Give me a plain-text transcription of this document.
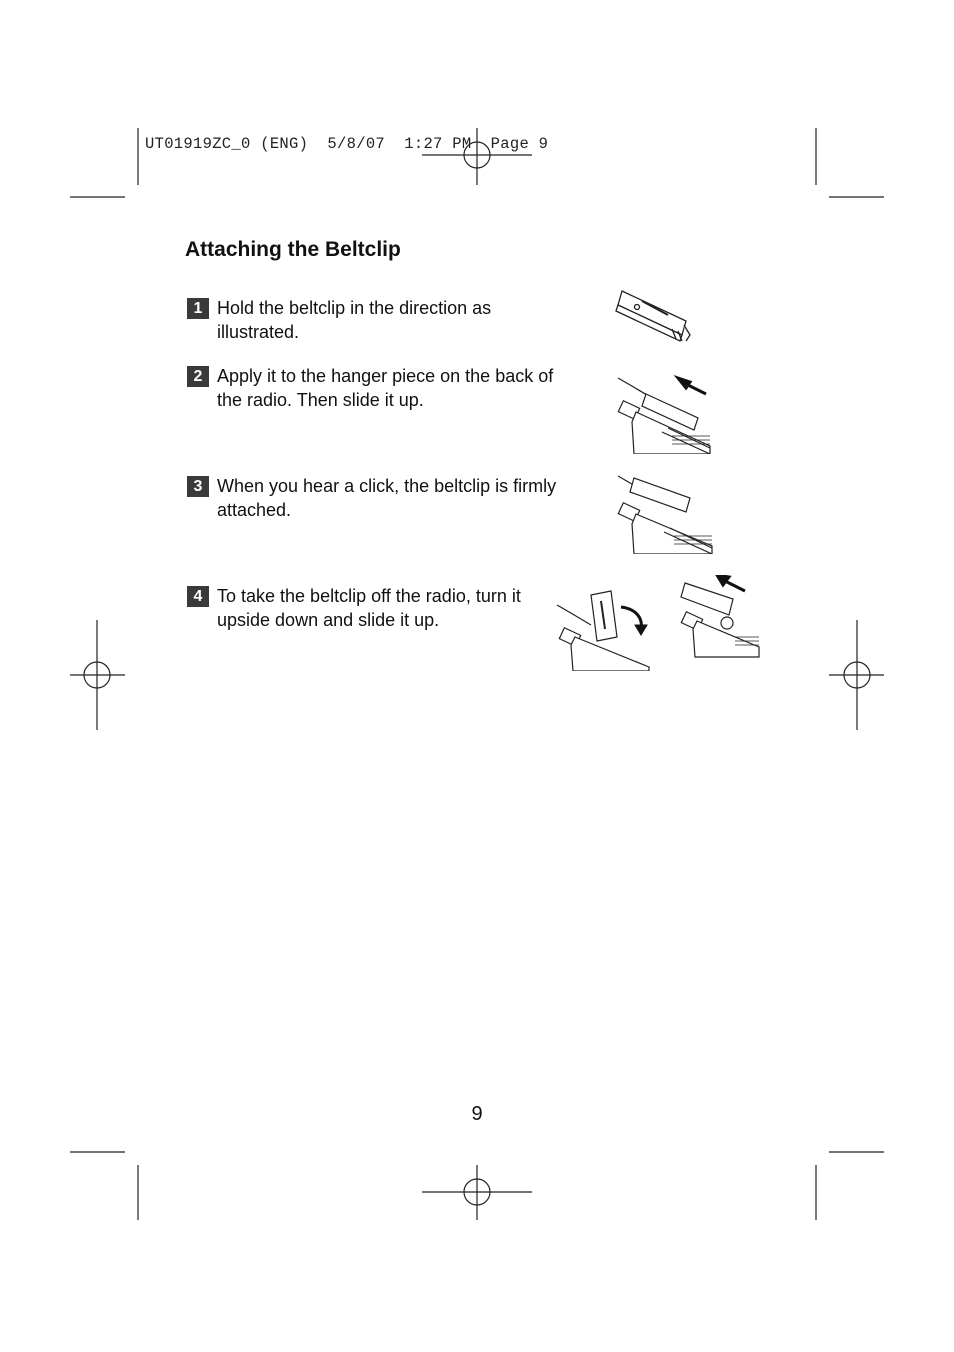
UT01919ZC_0 (ENG)  5/8/07  1:27 PM  Page 9
Attaching the Beltclip
1 Hold the beltclip in the direction as illustrated.
2 Apply it to the hanger piece on the back of the radio. Then slide it up.
3 When you hear a click, the beltclip is firmly attached.
4 To take the beltclip off the radio, turn it upside down and slide it up.
9
